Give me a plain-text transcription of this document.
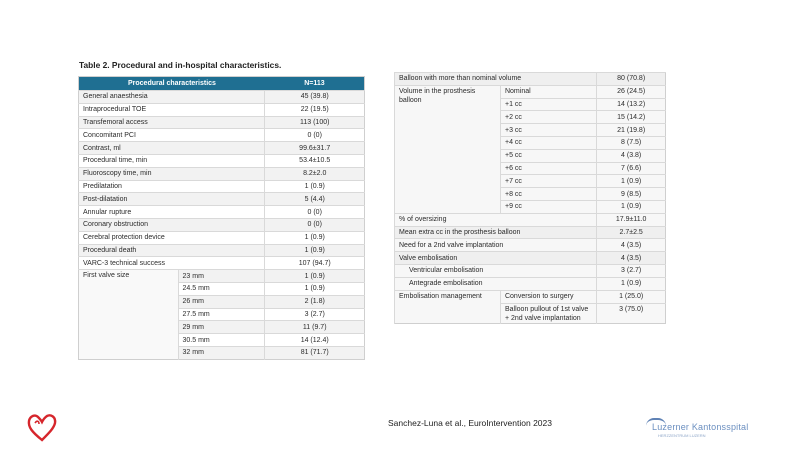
Table 2. Procedural and in-hospital characteristics.
Procedural characteristics		N=113
General anaesthesia		45 (39.8)
Intraprocedural TOE		22 (19.5)
Transfemoral access		113 (100)
Concomitant PCI		0 (0)
Contrast, ml		99.6±31.7
Procedural time, min		53.4±10.5
Fluoroscopy time, min		8.2±2.0
Predilatation		1 (0.9)
Post-dilatation		5 (4.4)
Annular rupture		0 (0)
Coronary obstruction		0 (0)
Cerebral protection device		1 (0.9)
Procedural death		1 (0.9)
VARC-3 technical success		107 (94.7)
First valve size	23 mm	1 (0.9)
	24.5 mm	1 (0.9)
	26 mm	2 (1.8)
	27.5 mm	3 (2.7)
	29 mm	11 (9.7)
	30.5 mm	14 (12.4)
	32 mm	81 (71.7)
Balloon with more than nominal volume		80 (70.8)
Volume in the prosthesis balloon	Nominal	26 (24.5)
	+1 cc	14 (13.2)
	+2 cc	15 (14.2)
	+3 cc	21 (19.8)
	+4 cc	8 (7.5)
	+5 cc	4 (3.8)
	+6 cc	7 (6.6)
	+7 cc	1 (0.9)
	+8 cc	9 (8.5)
	+9 cc	1 (0.9)
% of oversizing		17.9±11.0
Mean extra cc in the prosthesis balloon		2.7±2.5
Need for a 2nd valve implantation		4 (3.5)
Valve embolisation		4 (3.5)
Ventricular embolisation		3 (2.7)
Antegrade embolisation		1 (0.9)
Embolisation management	Conversion to surgery	1 (25.0)
	Balloon pullout of 1st valve + 2nd valve implantation	3 (75.0)
Sanchez-Luna et al., EuroIntervention 2023	Luzerner Kantonsspital
HERZZENTRUM LUZERN
